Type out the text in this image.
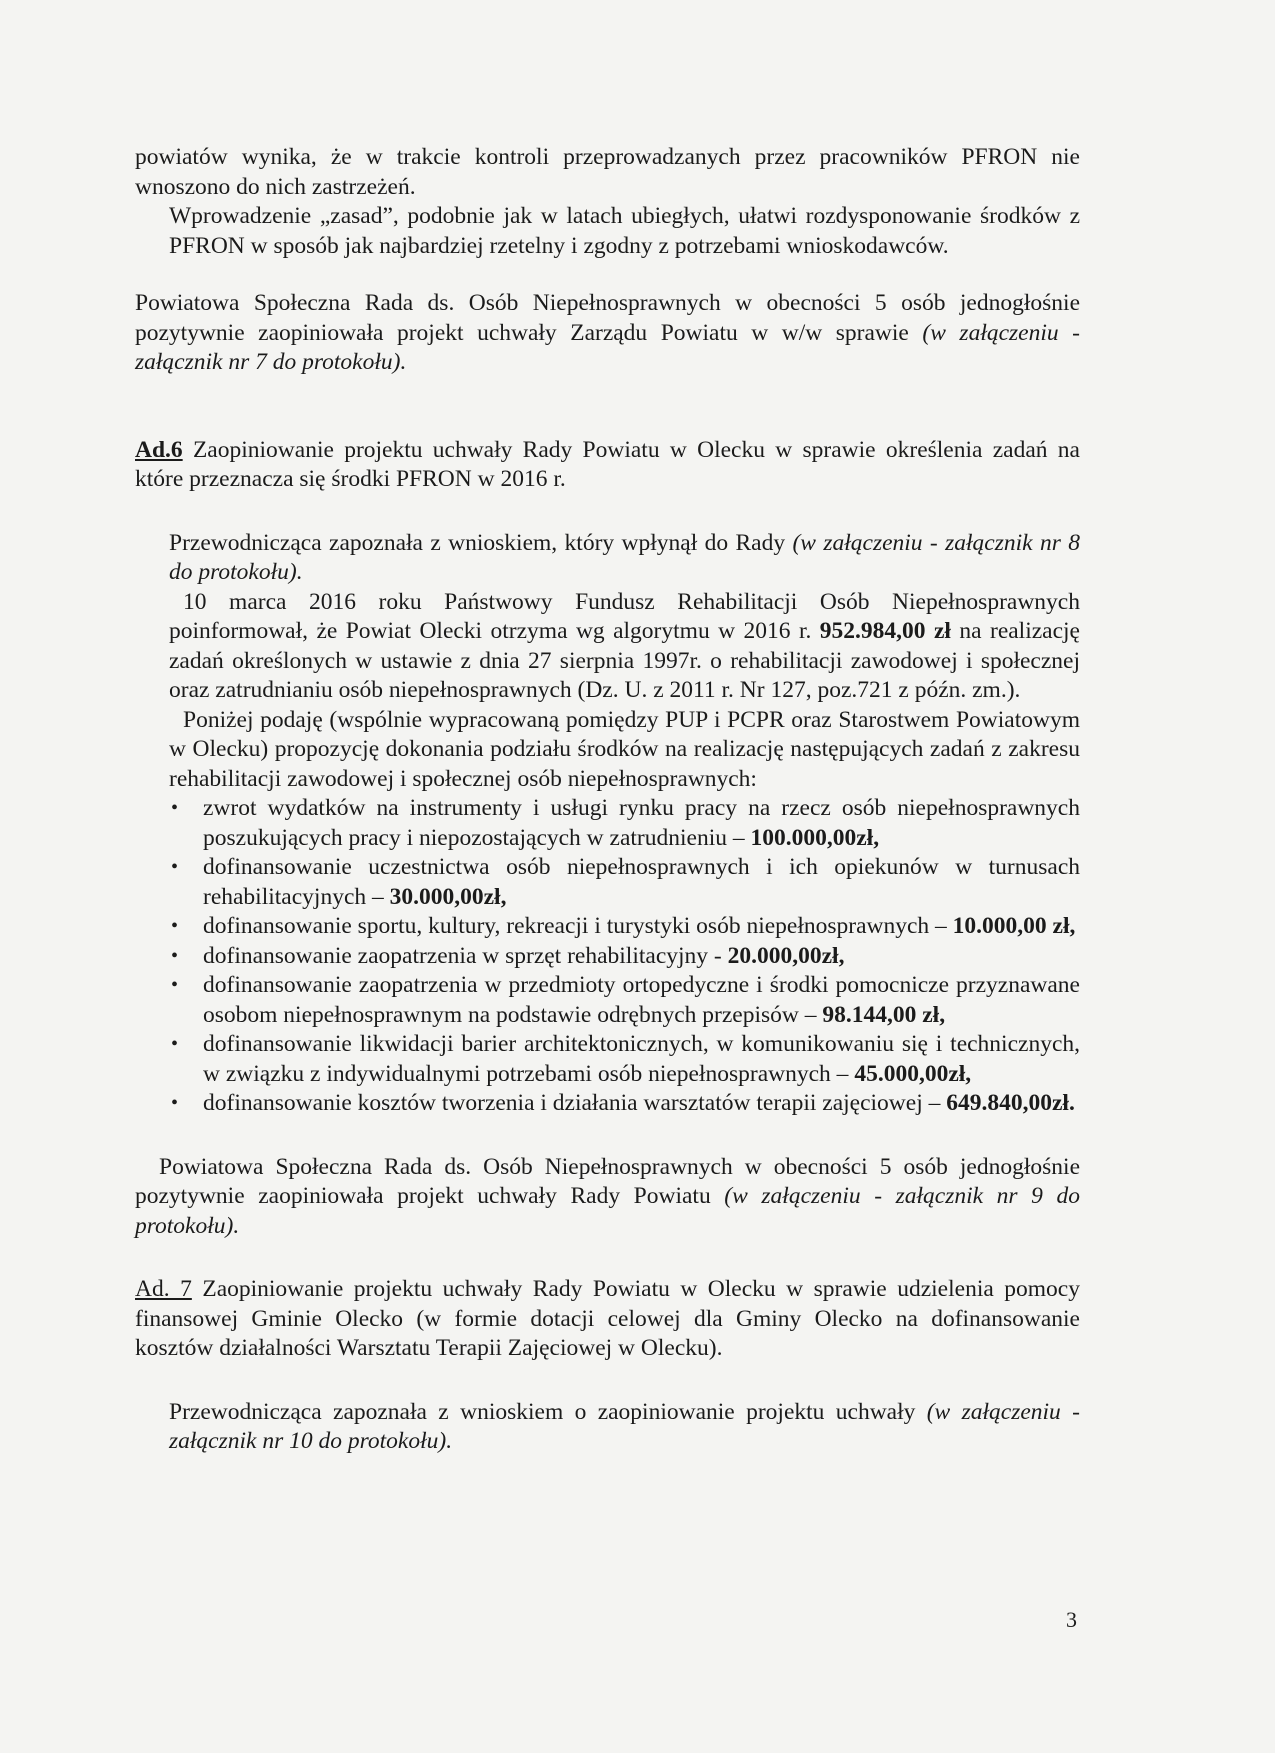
powiatów wynika, że w trakcie kontroli przeprowadzanych przez pracowników PFRON nie wnoszono do nich zastrzeżeń.

Wprowadzenie „zasad”, podobnie jak w latach ubiegłych, ułatwi rozdysponowanie środków z PFRON w sposób jak najbardziej rzetelny i zgodny z potrzebami wnioskodawców.

Powiatowa Społeczna Rada ds. Osób Niepełnosprawnych w obecności 5 osób jednogłośnie pozytywnie zaopiniowała projekt uchwały Zarządu Powiatu w w/w sprawie (w załączeniu - załącznik nr 7 do protokołu).

Ad.6 Zaopiniowanie projektu uchwały Rady Powiatu w Olecku w sprawie określenia zadań na które przeznacza się środki PFRON w 2016 r.

Przewodnicząca zapoznała z wnioskiem, który wpłynął do Rady (w załączeniu - załącznik nr 8 do protokołu).

10 marca 2016 roku Państwowy Fundusz Rehabilitacji Osób Niepełnosprawnych poinformował, że Powiat Olecki otrzyma wg algorytmu w 2016 r. 952.984,00 zł na realizację zadań określonych w ustawie z dnia 27 sierpnia 1997r. o rehabilitacji zawodowej i społecznej oraz zatrudnianiu osób niepełnosprawnych (Dz. U. z 2011 r. Nr 127, poz.721 z późn. zm.).

Poniżej podaję (wspólnie wypracowaną pomiędzy PUP i PCPR oraz Starostwem Powiatowym w Olecku) propozycję dokonania podziału środków na realizację następujących zadań z zakresu rehabilitacji zawodowej i społecznej osób niepełnosprawnych:

• zwrot wydatków na instrumenty i usługi rynku pracy na rzecz osób niepełnosprawnych poszukujących pracy i niepozostających w zatrudnieniu – 100.000,00zł,
• dofinansowanie uczestnictwa osób niepełnosprawnych i ich opiekunów w turnusach rehabilitacyjnych – 30.000,00zł,
• dofinansowanie sportu, kultury, rekreacji i turystyki osób niepełnosprawnych – 10.000,00 zł,
• dofinansowanie zaopatrzenia w sprzęt rehabilitacyjny - 20.000,00zł,
• dofinansowanie zaopatrzenia w przedmioty ortopedyczne i środki pomocnicze przyznawane osobom niepełnosprawnym na podstawie odrębnych przepisów – 98.144,00 zł,
• dofinansowanie likwidacji barier architektonicznych, w komunikowaniu się i technicznych, w związku z indywidualnymi potrzebami osób niepełnosprawnych – 45.000,00zł,
• dofinansowanie kosztów tworzenia i działania warsztatów terapii zajęciowej – 649.840,00zł.

Powiatowa Społeczna Rada ds. Osób Niepełnosprawnych w obecności 5 osób jednogłośnie pozytywnie zaopiniowała projekt uchwały Rady Powiatu (w załączeniu - załącznik nr 9 do protokołu).

Ad. 7 Zaopiniowanie projektu uchwały Rady Powiatu w Olecku w sprawie udzielenia pomocy finansowej Gminie Olecko (w formie dotacji celowej dla Gminy Olecko na dofinansowanie kosztów działalności Warsztatu Terapii Zajęciowej w Olecku).

Przewodnicząca zapoznała z wnioskiem o zaopiniowanie projektu uchwały (w załączeniu - załącznik nr 10 do protokołu).

3
